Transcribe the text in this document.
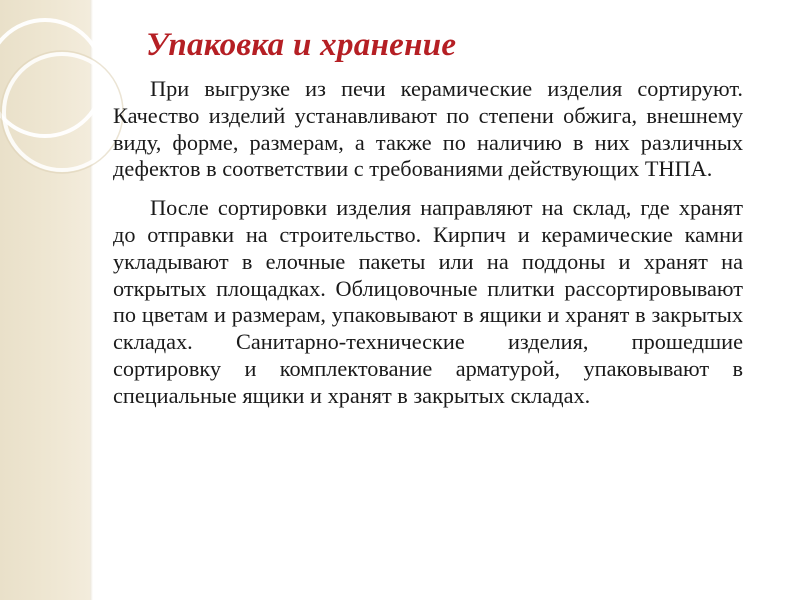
Упаковка и хранение

При выгрузке из печи керамические изделия сортируют. Качество изделий устанавливают по степени обжига, внешнему виду, форме, размерам, а также по наличию в них различных дефектов в соответствии с требованиями действующих ТНПА.

После сортировки изделия направляют на склад, где хранят до отправки на строительство. Кирпич и керамические камни укладывают в елочные пакеты или на поддоны и хранят на открытых площадках. Облицовочные плитки рассортировывают по цветам и размерам, упаковывают в ящики и хранят в закрытых складах. Санитарно-технические изделия, прошедшие сортировку и комплектование арматурой, упаковывают в специальные ящики и хранят в закрытых складах.
